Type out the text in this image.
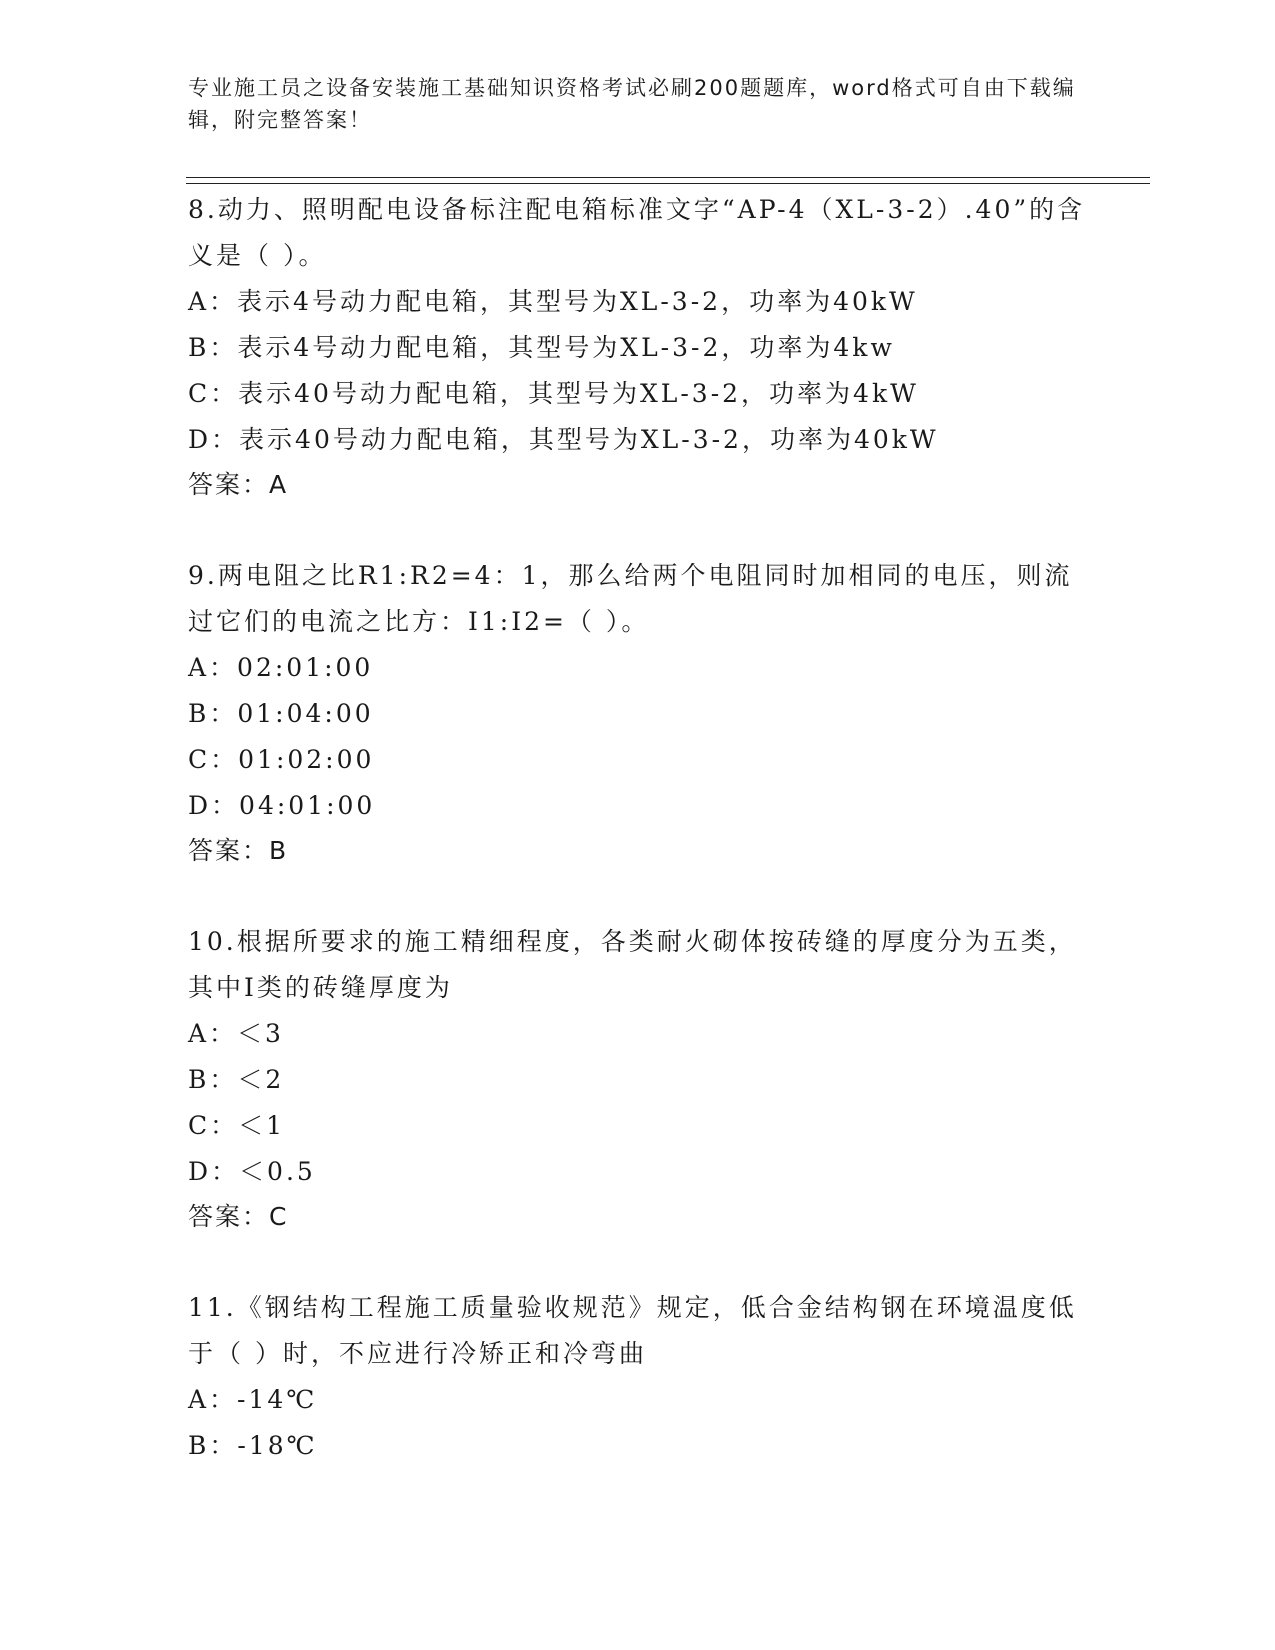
专业施工员之设备安装施工基础知识资格考试必刷200题题库，word格式可自由下载编辑，附完整答案！
8.动力、照明配电设备标注配电箱标准文字“AP-4（XL-3-2）.40”的含义是（ ）。
A：表示4号动力配电箱，其型号为XL-3-2，功率为40kW
B：表示4号动力配电箱，其型号为XL-3-2，功率为4kw
C：表示40号动力配电箱，其型号为XL-3-2，功率为4kW
D：表示40号动力配电箱，其型号为XL-3-2，功率为40kW
答案：A
9.两电阻之比R1:R2=4：1，那么给两个电阻同时加相同的电压，则流过它们的电流之比方：I1:I2=（ ）。
A：02:01:00
B：01:04:00
C：01:02:00
D：04:01:00
答案：B
10.根据所要求的施工精细程度，各类耐火砌体按砖缝的厚度分为五类，其中I类的砖缝厚度为
A：＜3
B：＜2
C：＜1
D：＜0.5
答案：C
11.《钢结构工程施工质量验收规范》规定，低合金结构钢在环境温度低于（ ）时，不应进行冷矫正和冷弯曲
A：-14℃
B：-18℃
